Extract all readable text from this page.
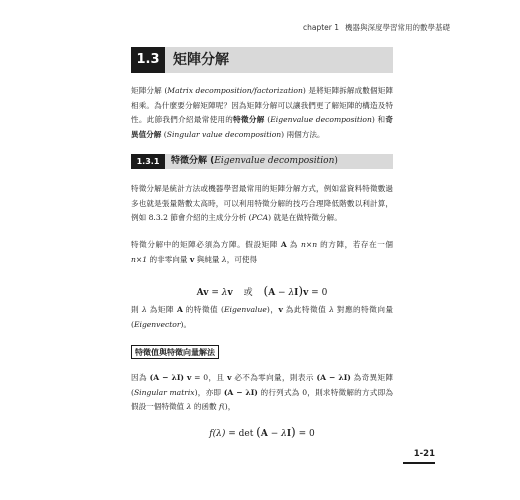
chapter 1 機器與深度學習常用的數學基礎
1.3 矩陣分解

矩陣分解 (Matrix decomposition/factorization) 是將矩陣拆解成數個矩陣相乘。為什麼要分解矩陣呢？因為矩陣分解可以讓我們更了解矩陣的構造及特性。此節我們介紹最常使用的特徵分解 (Eigenvalue decomposition) 和奇異值分解 (Singular value decomposition) 兩個方法。

1.3.1	特徵分解 (Eigenvalue decomposition)

特徵分解是統計方法或機器學習最常用的矩陣分解方式，例如當資料特徵數過多也就是張量階數太高時，可以利用特徵分解的技巧合理降低階數以利計算，例如 8.3.2 節會介紹的主成分分析 (PCA) 就是在做特徵分解。

特徵分解中的矩陣必須為方陣。假設矩陣 A 為 n×n 的方陣，若存在一個 n×1 的非零向量 v 與純量 λ，可使得

Av = λv 或 (A − λI)v = 0

則 λ 為矩陣 A 的特徵值 (Eigenvalue)，v 為此特徵值 λ 對應的特徵向量 (Eigenvector)。

特徵值與特徵向量解法

因為 (A − λI) v = 0，且 v 必不為零向量，則表示 (A − λI) 為奇異矩陣 (Singular matrix)，亦即 (A − λI) 的行列式為 0，則求特徵解的方式即為假設一個特徵值 λ 的函數 f()，

f(λ) = det (A − λI) = 0
1-21
